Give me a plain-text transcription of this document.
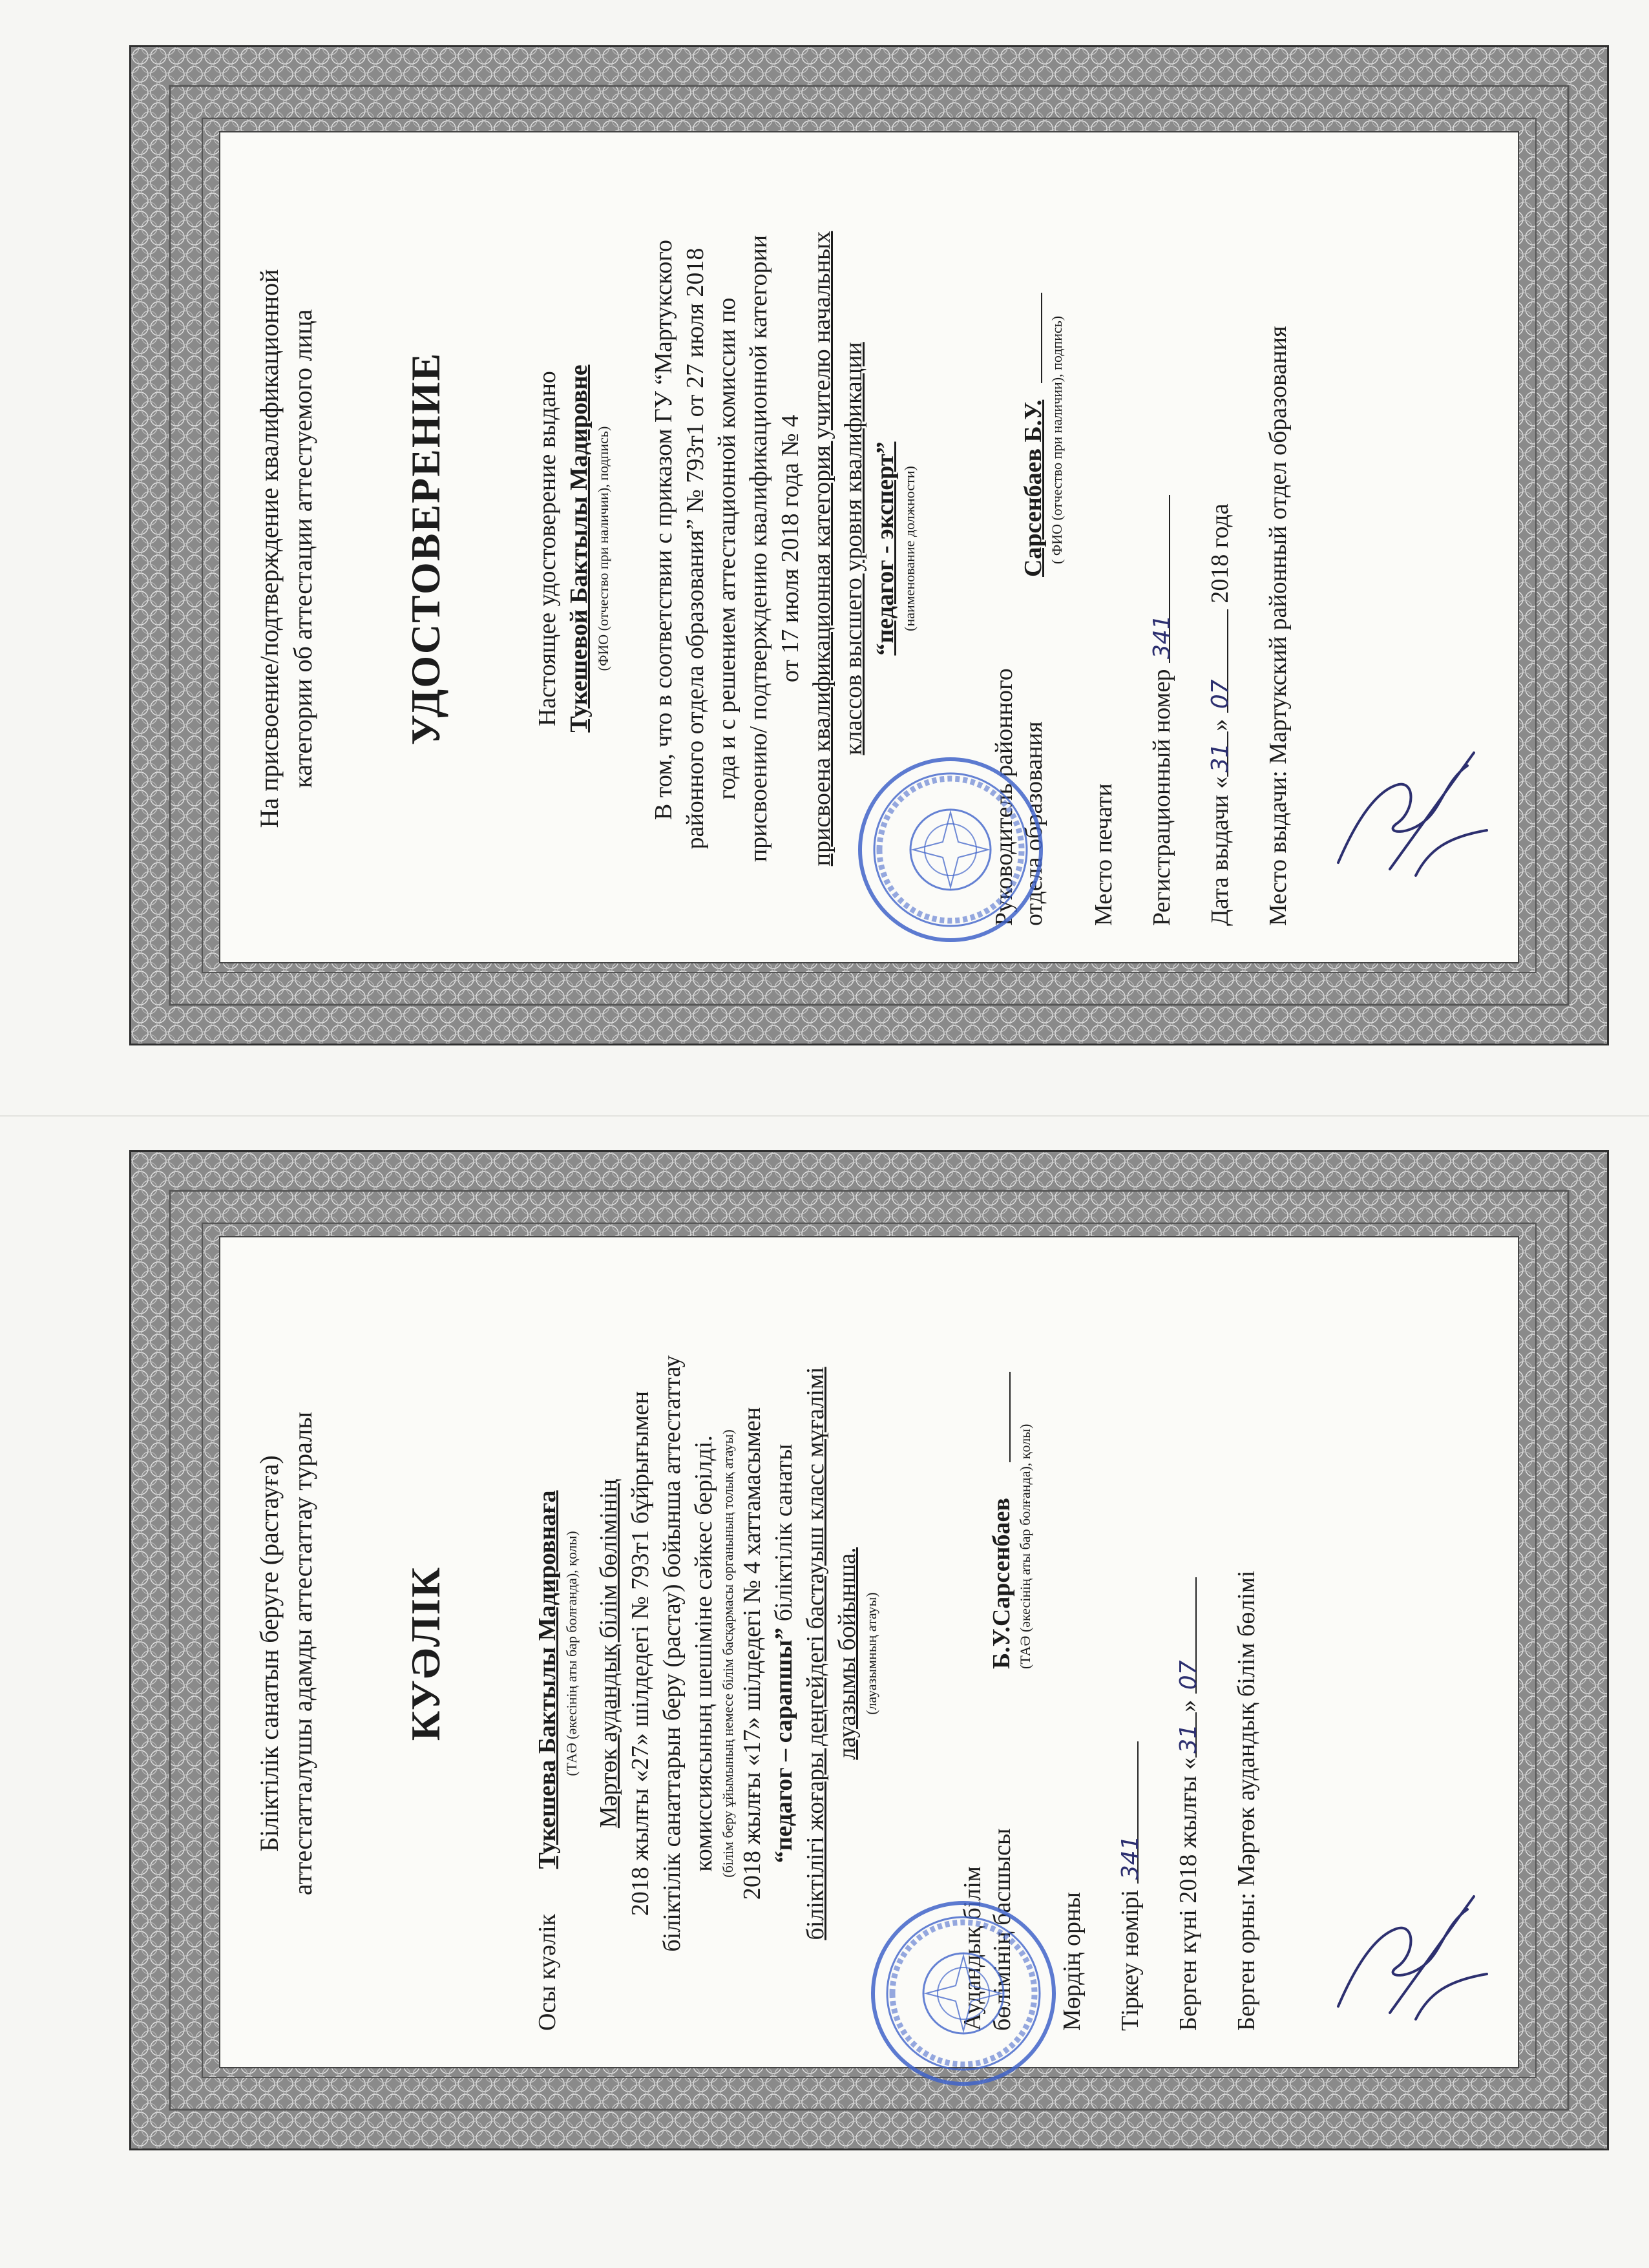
На присвоение/подтверждение квалификационной категории об аттестации аттестуемого лица УДОСТОВЕРЕНИЕ	Настоящее удостоверение выдано Тукешевой Бактылы Мадировне (ФИО (отчество при наличии), подпись) В том, что в соответствии с приказом ГУ “Мартукского районного отдела образования” № 793т1 от 27 июля 2018 года и с решением аттестационной комиссии по присвоению/ подтверждению квалификационной категории от 17 июля 2018 года № 4 присвоена квалификационная категория учителю начальных классов высшего уровня квалификации “педагог - эксперт” (наименование должности)

Руководитель районного отдела образования
Сарсенбаев Б.У. ( ФИО (отчество при наличии), подпись)

Место печати Регистрационный номер 341

Дата выдачи «31» 07 2018 года Место выдачи: Мартукский районный отдел образования

Біліктілік санатын беруге (растауға) аттестатталушы адамды аттестаттау туралы КУӘЛІК

Осы куәлік Тукешева Бактылы Мадировнаға (ТАӘ (әкесінің аты бар болғанда), қолы) Мәртөк аудандық білім бөлімінің 2018 жылғы «27» шілдедегі № 793т1 бұйрығымен біліктілік санаттарын беру (растау) бойынша аттестаттау комиссиясының шешіміне сәйкес берілді. (білім беру ұйымының немесе білім басқармасы органының толық атауы) 2018 жылғы «17» шілдедегі № 4 хаттамасымен “педагог – сарапшы” біліктілік санаты біліктілігі жоғары деңгейдегі бастауыш класс мұғалімі лауазымы бойынша. (лауазымның атауы)

Аудандық білім бөлімінің басшысы
Б.У.Сарсенбаев (ТАӘ (әкесінің аты бар болғанда), қолы)

Мөрдің орны Тіркеу нөмірі 341 Берген күні 2018 жылғы «31» 07 Берген орны: Мәртөк аудандық білім бөлімі
